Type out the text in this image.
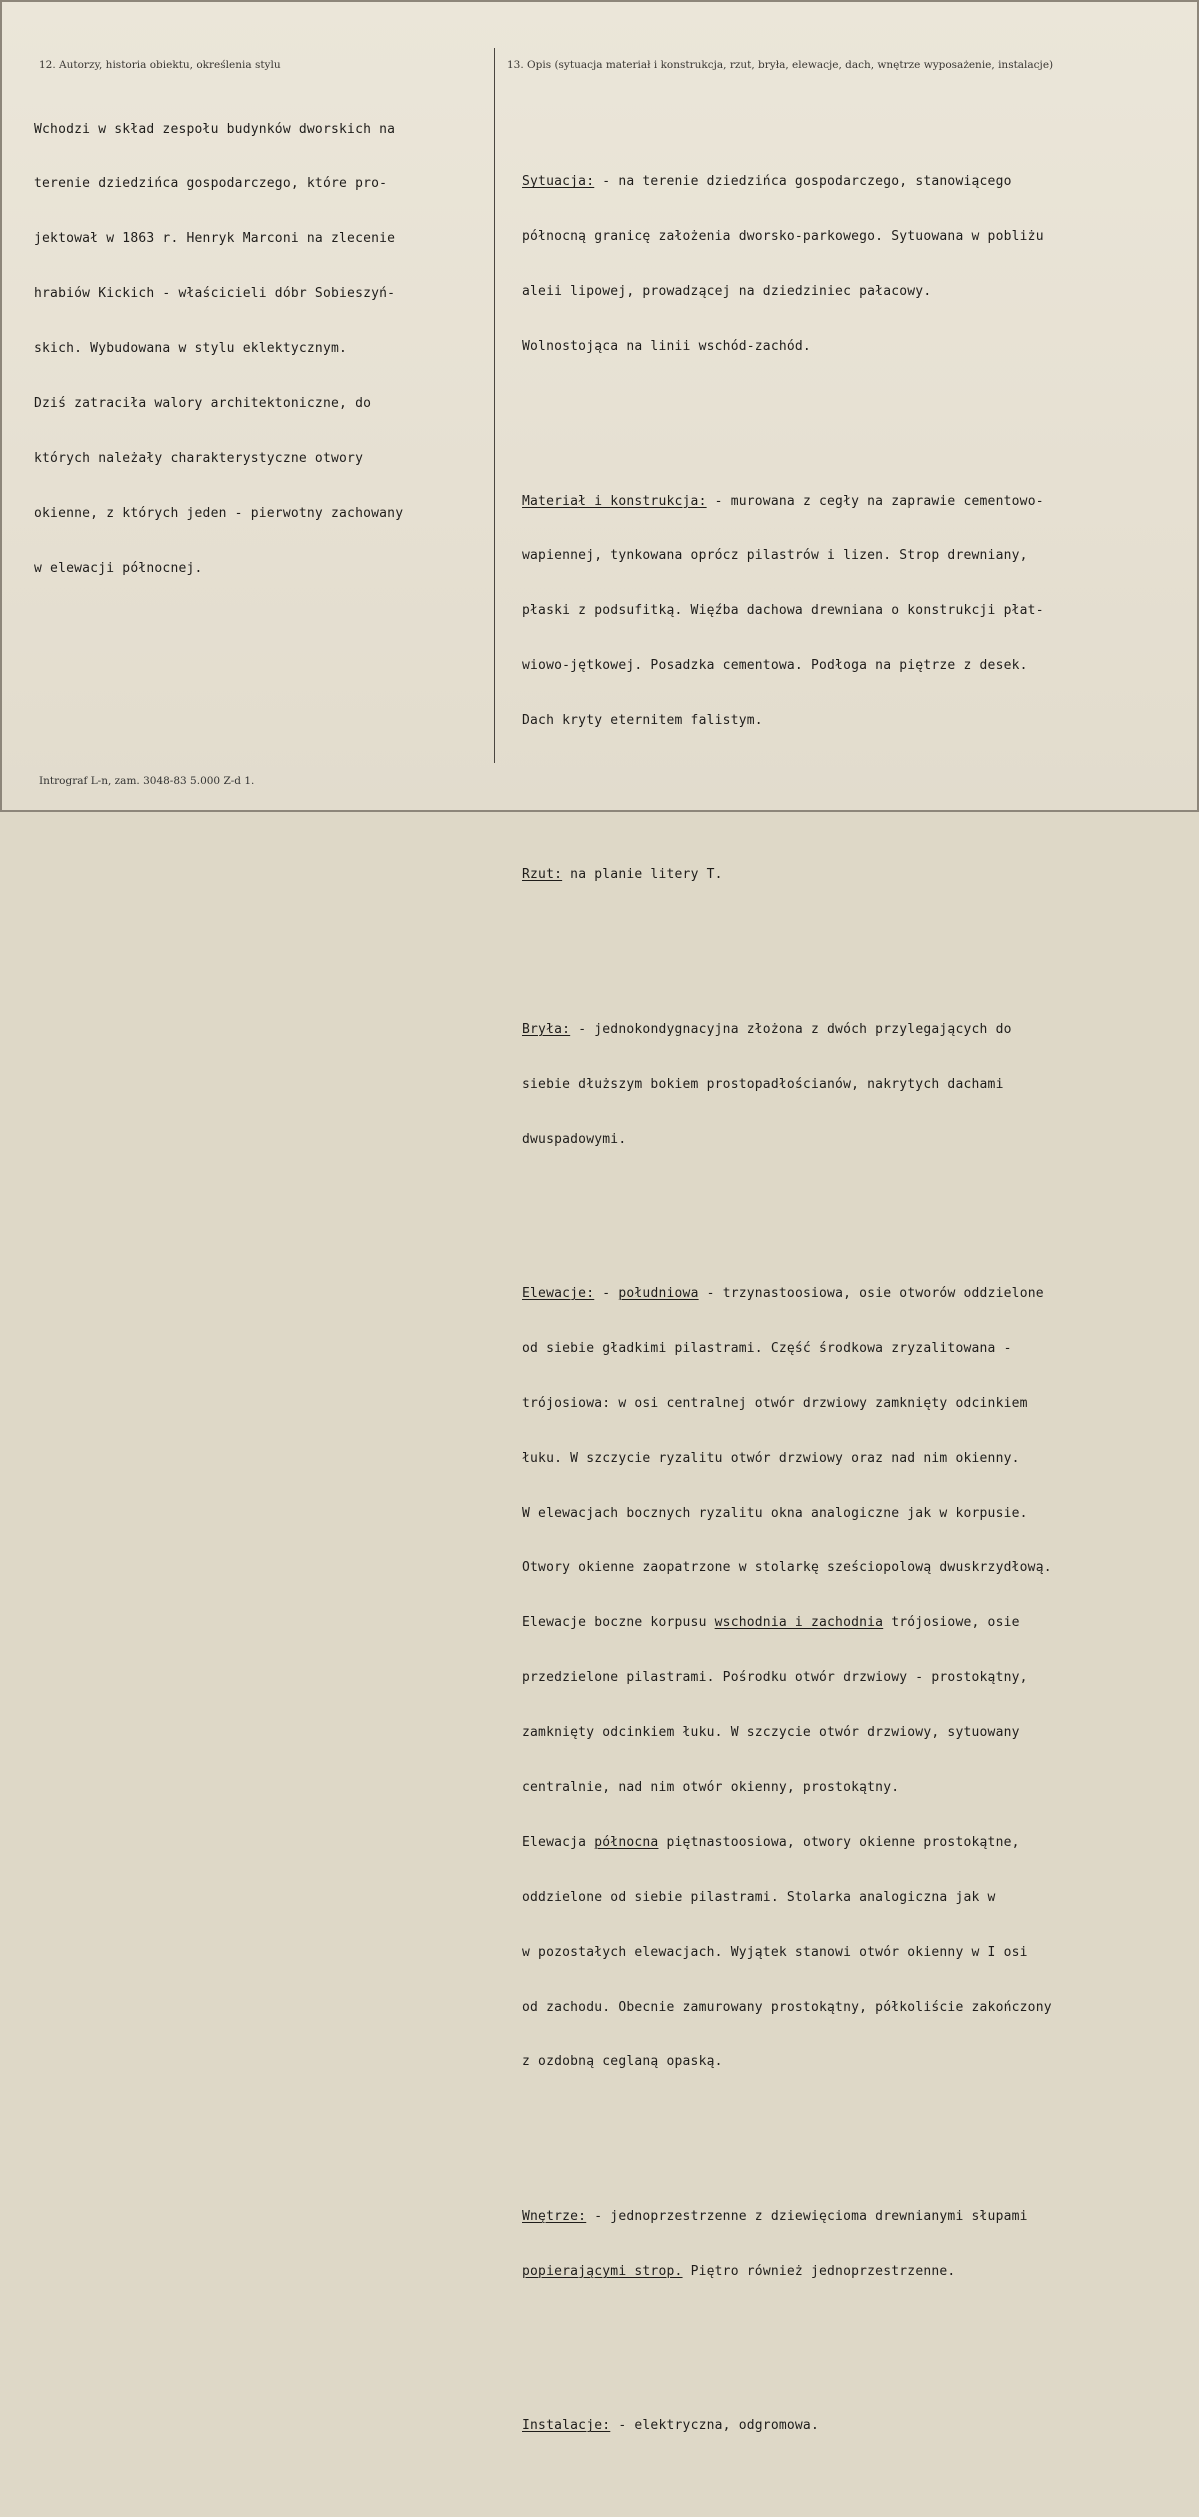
12. Autorzy, historia obiektu, określenia stylu	13. Opis (sytuacja materiał i konstrukcja, rzut, bryła, elewacje, dach, wnętrze wyposażenie, instalacje)

Wchodzi w skład zespołu budynków dworskich na

terenie dziedzińca gospodarczego, które pro-

jektował w 1863 r. Henryk Marconi na zlecenie

hrabiów Kickich - właścicieli dóbr Sobieszyń-

skich. Wybudowana w stylu eklektycznym.

Dziś zatraciła walory architektoniczne, do

których należały charakterystyczne otwory

okienne, z których jeden - pierwotny zachowany

w elewacji północnej.

Sytuacja: - na terenie dziedzińca gospodarczego, stanowiącego

północną granicę założenia dworsko-parkowego. Sytuowana w pobliżu

aleii lipowej, prowadzącej na dziedziniec pałacowy.

Wolnostojąca na linii wschód-zachód.

Materiał i konstrukcja: - murowana z cegły na zaprawie cementowo-

wapiennej, tynkowana oprócz pilastrów i lizen. Strop drewniany,

płaski z podsufitką. Więźba dachowa drewniana o konstrukcji płat-

wiowo-jętkowej. Posadzka cementowa. Podłoga na piętrze z desek.

Dach kryty eternitem falistym.

Rzut: na planie litery T.

Bryła: - jednokondygnacyjna złożona z dwóch przylegających do

siebie dłuższym bokiem prostopadłościanów, nakrytych dachami

dwuspadowymi.

Elewacje: - południowa - trzynastoosiowa, osie otworów oddzielone

od siebie gładkimi pilastrami. Część środkowa zryzalitowana -

trójosiowa: w osi centralnej otwór drzwiowy zamknięty odcinkiem

łuku. W szczycie ryzalitu otwór drzwiowy oraz nad nim okienny.

W elewacjach bocznych ryzalitu okna analogiczne jak w korpusie.

Otwory okienne zaopatrzone w stolarkę sześciopolową dwuskrzydłową.

Elewacje boczne korpusu wschodnia i zachodnia trójosiowe, osie

przedzielone pilastrami. Pośrodku otwór drzwiowy - prostokątny,

zamknięty odcinkiem łuku. W szczycie otwór drzwiowy, sytuowany

centralnie, nad nim otwór okienny, prostokątny.

Elewacja północna piętnastoosiowa, otwory okienne prostokątne,

oddzielone od siebie pilastrami. Stolarka analogiczna jak w

w pozostałych elewacjach. Wyjątek stanowi otwór okienny w I osi

od zachodu. Obecnie zamurowany prostokątny, półkoliście zakończony

z ozdobną ceglaną opaską.

Wnętrze: - jednoprzestrzenne z dziewięcioma drewnianymi słupami

popierającymi strop. Piętro również jednoprzestrzenne.

Instalacje: - elektryczna, odgromowa.

Intrograf L-n, zam. 3048-83 5.000 Z-d 1.
